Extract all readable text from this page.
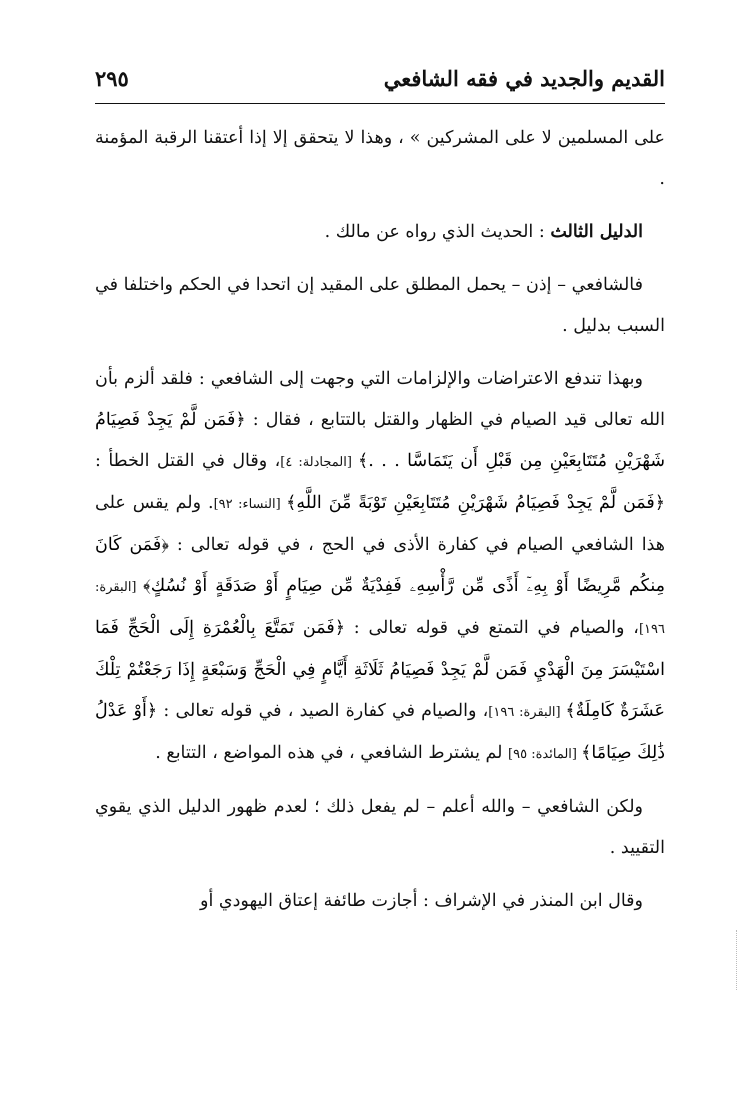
القديم والجديد في فقه الشافعي
٢٩٥

على المسلمين لا على المشركين » ، وهذا لا يتحقق إلا إذا أعتقنا الرقبة المؤمنة .

الدليل الثالث : الحديث الذي رواه عن مالك .

فالشافعي – إذن – يحمل المطلق على المقيد إن اتحدا في الحكم واختلفا في السبب بدليل .

وبهذا تندفع الاعتراضات والإلزامات التي وجهت إلى الشافعي : فلقد ألزم بأن الله تعالى قيد الصيام في الظهار والقتل بالتتابع ، فقال : ﴿فَمَن لَّمْ يَجِدْ فَصِيَامُ شَهْرَيْنِ مُتَتَابِعَيْنِ مِن قَبْلِ أَن يَتَمَاسَّا . . .﴾ [المجادلة: ٤]، وقال في القتل الخطأ : ﴿فَمَن لَّمْ يَجِدْ فَصِيَامُ شَهْرَيْنِ مُتَتَابِعَيْنِ تَوْبَةً مِّنَ اللَّهِ﴾ [النساء: ٩٢]. ولم يقس على هذا الشافعي الصيام في كفارة الأذى في الحج ، في قوله تعالى : ﴿فَمَن كَانَ مِنكُم مَّرِيضًا أَوْ بِهِۦٓ أَذًى مِّن رَّأْسِهِۦ فَفِدْيَةٌ مِّن صِيَامٍ أَوْ صَدَقَةٍ أَوْ نُسُكٍ﴾ [البقرة: ١٩٦]، والصيام في التمتع في قوله تعالى : ﴿فَمَن تَمَتَّعَ بِالْعُمْرَةِ إِلَى الْحَجِّ فَمَا اسْتَيْسَرَ مِنَ الْهَدْيِ فَمَن لَّمْ يَجِدْ فَصِيَامُ ثَلَاثَةِ أَيَّامٍ فِي الْحَجِّ وَسَبْعَةٍ إِذَا رَجَعْتُمْ تِلْكَ عَشَرَةٌ كَامِلَةٌ﴾ [البقرة: ١٩٦]، والصيام في كفارة الصيد ، في قوله تعالى : ﴿أَوْ عَدْلُ ذَٰلِكَ صِيَامًا﴾ [المائدة: ٩٥] لم يشترط الشافعي ، في هذه المواضع ، التتابع .

ولكن الشافعي – والله أعلم – لم يفعل ذلك ؛ لعدم ظهور الدليل الذي يقوي التقييد .

وقال ابن المنذر في الإشراف : أجازت طائفة إعتاق اليهودي أو
